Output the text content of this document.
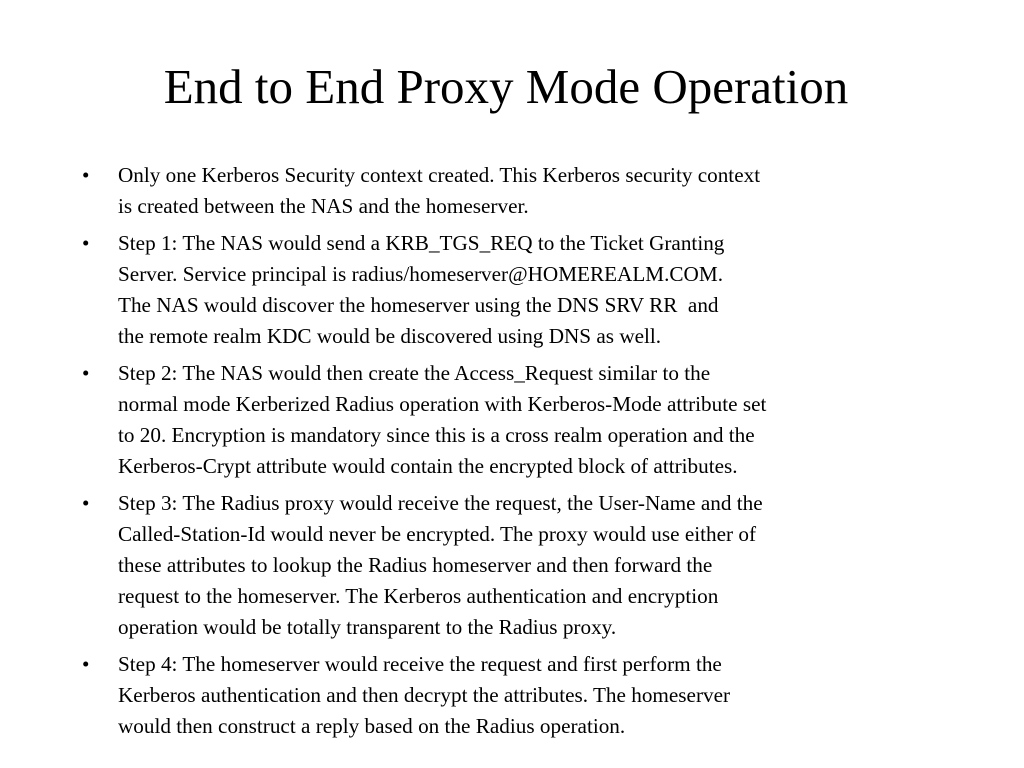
End to End Proxy Mode Operation
•	Only one Kerberos Security context created. This Kerberos security context
is created between the NAS and the homeserver.
•	Step 1: The NAS would send a KRB_TGS_REQ to the Ticket Granting
Server. Service principal is radius/homeserver@HOMEREALM.COM.
The NAS would discover the homeserver using the DNS SRV RR  and
the remote realm KDC would be discovered using DNS as well.
•	Step 2: The NAS would then create the Access_Request similar to the
normal mode Kerberized Radius operation with Kerberos-Mode attribute set
to 20. Encryption is mandatory since this is a cross realm operation and the
Kerberos-Crypt attribute would contain the encrypted block of attributes.
•	Step 3: The Radius proxy would receive the request, the User-Name and the
Called-Station-Id would never be encrypted. The proxy would use either of
these attributes to lookup the Radius homeserver and then forward the
request to the homeserver. The Kerberos authentication and encryption
operation would be totally transparent to the Radius proxy.
•	Step 4: The homeserver would receive the request and first perform the
Kerberos authentication and then decrypt the attributes. The homeserver
would then construct a reply based on the Radius operation.
